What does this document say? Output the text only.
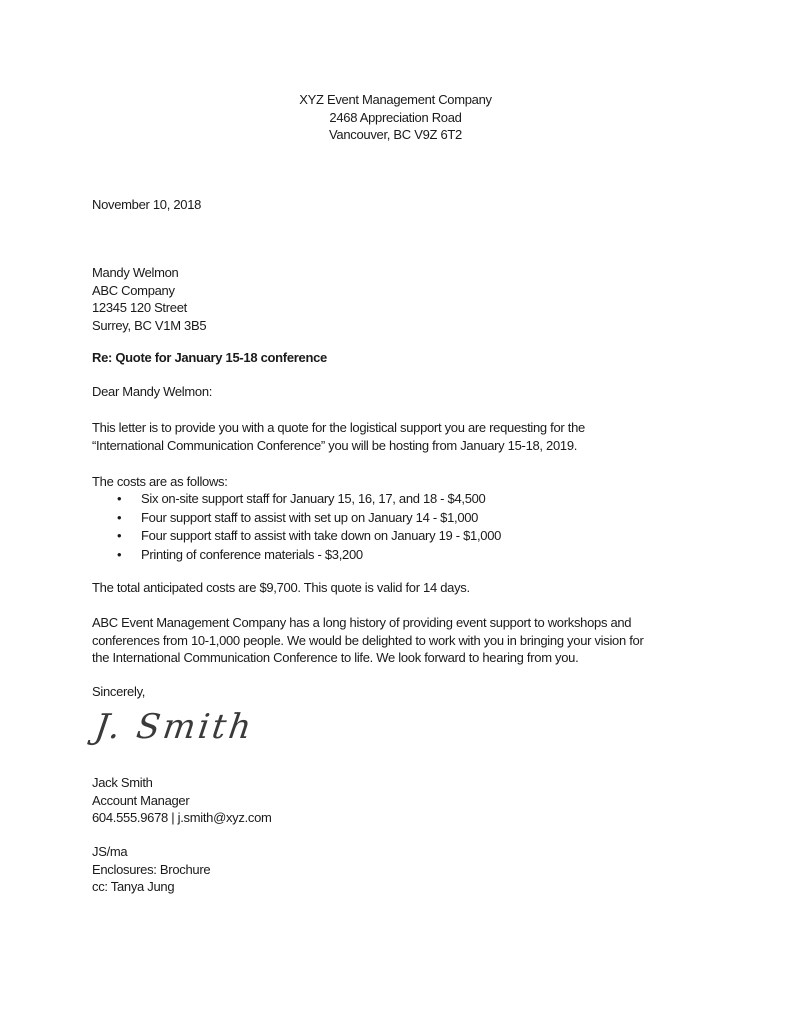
XYZ Event Management Company
2468 Appreciation Road
Vancouver, BC V9Z 6T2
November 10, 2018
Mandy Welmon
ABC Company
12345 120 Street
Surrey, BC V1M 3B5
Re: Quote for January 15-18 conference
Dear Mandy Welmon:
This letter is to provide you with a quote for the logistical support you are requesting for the
“International Communication Conference” you will be hosting from January 15-18, 2019.
The costs are as follows:
• Six on-site support staff for January 15, 16, 17, and 18 - $4,500
• Four support staff to assist with set up on January 14 - $1,000
• Four support staff to assist with take down on January 19 - $1,000
• Printing of conference materials - $3,200
The total anticipated costs are $9,700. This quote is valid for 14 days.
ABC Event Management Company has a long history of providing event support to workshops and
conferences from 10-1,000 people. We would be delighted to work with you in bringing your vision for
the International Communication Conference to life. We look forward to hearing from you.
Sincerely,
J. Smith
Jack Smith
Account Manager
604.555.9678 | j.smith@xyz.com
JS/ma
Enclosures: Brochure
cc: Tanya Jung
